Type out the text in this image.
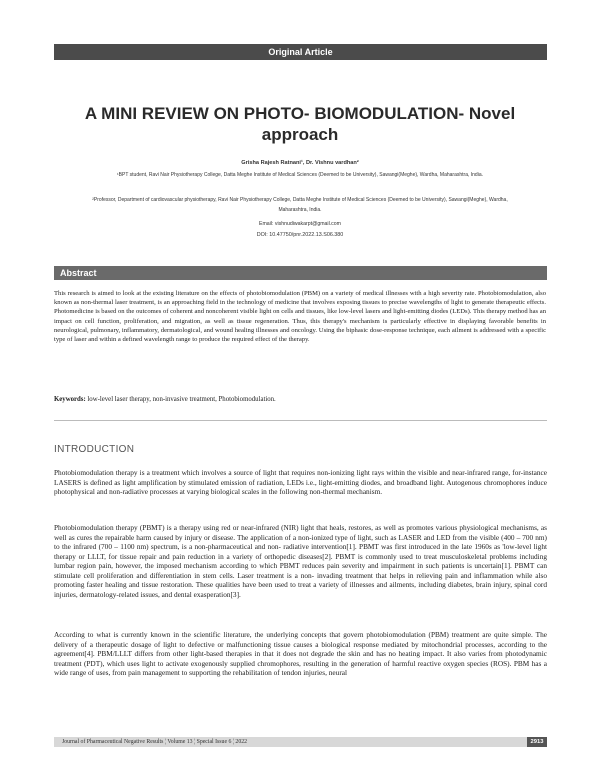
Original Article
A MINI REVIEW ON PHOTO- BIOMODULATION- Novel approach
Grisha Rajesh Ratnani¹, Dr. Vishnu vardhan²
¹BPT student, Ravi Nair Physiotherapy College, Datta Meghe Institute of Medical Sciences (Deemed to be University), Sawangi(Meghe), Wardha, Maharashtra, India.
²Professor, Department of cardiovascular physiotherapy, Ravi Nair Physiotherapy College, Datta Meghe Institute of Medical Sciences (Deemed to be University), Sawangi(Meghe), Wardha, Maharashtra, India.
Email: vishnudiwakarpt@gmail.com
DOI: 10.47750/pnr.2022.13.S06.380
Abstract
This research is aimed to look at the existing literature on the effects of photobiomodulation (PBM) on a variety of medical illnesses with a high severity rate. Photobiomodulation, also known as non-thermal laser treatment, is an approaching field in the technology of medicine that involves exposing tissues to precise wavelengths of light to generate therapeutic effects. Photomedicine is based on the outcomes of coherent and noncoherent visible light on cells and tissues, like low-level lasers and light-emitting diodes (LEDs). This therapy method has an impact on cell function, proliferation, and migration, as well as tissue regeneration. Thus, this therapy's mechanism is particularly effective in displaying favorable benefits in neurological, pulmonary, inflammatory, dermatological, and wound healing illnesses and oncology. Using the biphasic dose-response technique, each ailment is addressed with a specific type of laser and within a defined wavelength range to produce the required effect of the therapy.
Keywords: low-level laser therapy, non-invasive treatment, Photobiomodulation.
INTRODUCTION
Photobiomodulation therapy is a treatment which involves a source of light that requires non-ionizing light rays within the visible and near-infrared range, for-instance LASERS is defined as light amplification by stimulated emission of radiation, LEDs i.e., light-emitting diodes, and broadband light. Autogenous chromophores induce photophysical and non-radiative processes at varying biological scales in the following non-thermal mechanism.
Photobiomodulation therapy (PBMT) is a therapy using red or near-infrared (NIR) light that heals, restores, as well as promotes various physiological mechanisms, as well as cures the repairable harm caused by injury or disease. The application of a non-ionized type of light, such as LASER and LED from the visible (400 – 700 nm) to the infrared (700 – 1100 nm) spectrum, is a non-pharmaceutical and non- radiative intervention[1]. PBMT was first introduced in the late 1960s as 'low-level light therapy or LLLT, for tissue repair and pain reduction in a variety of orthopedic diseases[2]. PBMT is commonly used to treat musculoskeletal problems including lumbar region pain, however, the imposed mechanism according to which PBMT reduces pain severity and impairment in such patients is uncertain[1]. PBMT can stimulate cell proliferation and differentiation in stem cells. Laser treatment is a non- invading treatment that helps in relieving pain and inflammation while also promoting faster healing and tissue restoration. These qualities have been used to treat a variety of illnesses and ailments, including diabetes, brain injury, spinal cord injuries, dermatology-related issues, and dental exasperation[3].
According to what is currently known in the scientific literature, the underlying concepts that govern photobiomodulation (PBM) treatment are quite simple. The delivery of a therapeutic dosage of light to defective or malfunctioning tissue causes a biological response mediated by mitochondrial processes, according to the agreement[4]. PBM/LLLT differs from other light-based therapies in that it does not degrade the skin and has no heating impact. It also varies from photodynamic treatment (PDT), which uses light to activate exogenously supplied chromophores, resulting in the generation of harmful reactive oxygen species (ROS). PBM has a wide range of uses, from pain management to supporting the rehabilitation of tendon injuries, neural
Journal of Pharmaceutical Negative Results ¦ Volume 13 ¦ Special Issue 6 ¦ 2022	2913
